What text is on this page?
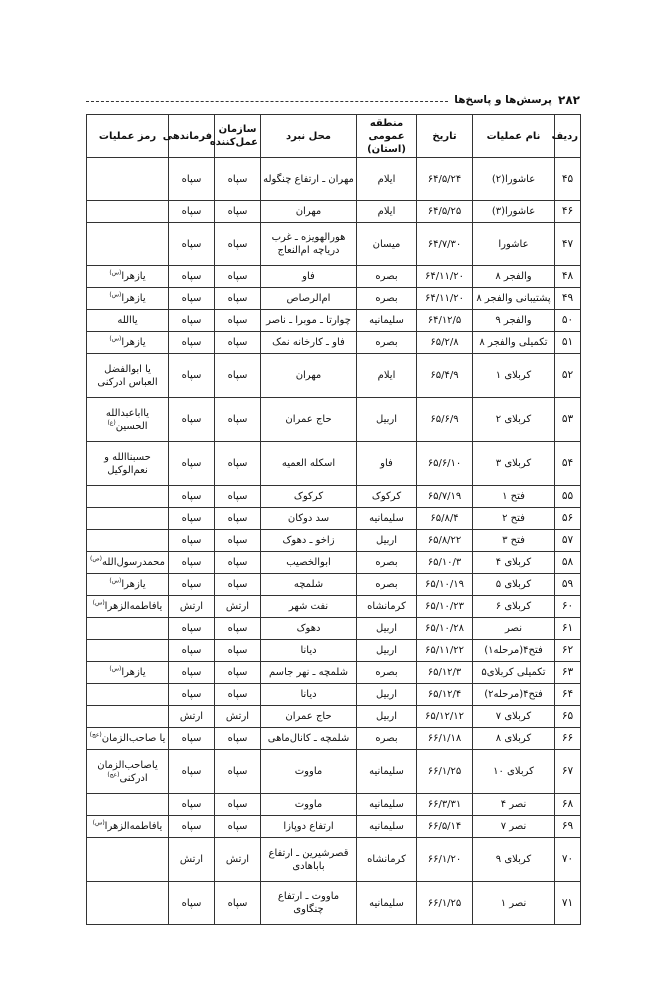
۲۸۲
پرسش‌ها و پاسخ‌ها
ردیف	نام عملیات	تاریخ	منطقه عمومی (استان)	محل نبرد	سازمان عمل‌کننده	فرماندهی	رمز عملیات
۴۵	عاشورا(۲)	۶۴/۵/۲۴	ایلام	مهران ـ ارتفاع چنگوله	سپاه	سپاه	
۴۶	عاشورا(۳)	۶۴/۵/۲۵	ایلام	مهران	سپاه	سپاه	
۴۷	عاشورا	۶۴/۷/۳۰	میسان	هورالهویزه ـ غرب دریاچه ام‌النعاج	سپاه	سپاه	
۴۸	والفجر ۸	۶۴/۱۱/۲۰	بصره	فاو	سپاه	سپاه	یازهرا$^{(س)}$
۴۹	پشتیبانی والفجر ۸	۶۴/۱۱/۲۰	بصره	ام‌الرصاص	سپاه	سپاه	یازهرا$^{(س)}$
۵۰	والفجر ۹	۶۴/۱۲/۵	سلیمانیه	چوارتا ـ موبرا ـ ناصر	سپاه	سپاه	یاالله
۵۱	تکمیلی والفجر ۸	۶۵/۲/۸	بصره	فاو ـ کارخانه نمک	سپاه	سپاه	یازهرا$^{(س)}$
۵۲	کربلای ۱	۶۵/۴/۹	ایلام	مهران	سپاه	سپاه	یا ابوالفضل العباس ادرکنی
۵۳	کربلای ۲	۶۵/۶/۹	اربیل	حاج عمران	سپاه	سپاه	یااباعبدالله الحسین$^{(ع)}$
۵۴	کربلای ۳	۶۵/۶/۱۰	فاو	اسکله العمیه	سپاه	سپاه	حسبناالله و نعم‌الوکیل
۵۵	فتح ۱	۶۵/۷/۱۹	کرکوک	کرکوک	سپاه	سپاه	
۵۶	فتح ۲	۶۵/۸/۴	سلیمانیه	سد دوکان	سپاه	سپاه	
۵۷	فتح ۳	۶۵/۸/۲۲	اربیل	زاخو ـ دهوک	سپاه	سپاه	
۵۸	کربلای ۴	۶۵/۱۰/۳	بصره	ابوالخصیب	سپاه	سپاه	محمدرسول‌الله$^{(ص)}$
۵۹	کربلای ۵	۶۵/۱۰/۱۹	بصره	شلمچه	سپاه	سپاه	یازهرا$^{(س)}$
۶۰	کربلای ۶	۶۵/۱۰/۲۳	کرمانشاه	نفت شهر	ارتش	ارتش	یافاطمه‌الزهرا$^{(س)}$
۶۱	نصر	۶۵/۱۰/۲۸	اربیل	دهوک	سپاه	سپاه	
۶۲	فتح۴(مرحله۱)	۶۵/۱۱/۲۲	اربیل	دیانا	سپاه	سپاه	
۶۳	تکمیلی کربلای۵	۶۵/۱۲/۳	بصره	شلمچه ـ نهر جاسم	سپاه	سپاه	یازهرا$^{(س)}$
۶۴	فتح۴(مرحله۲)	۶۵/۱۲/۴	اربیل	دیانا	سپاه	سپاه	
۶۵	کربلای ۷	۶۵/۱۲/۱۲	اربیل	حاج عمران	ارتش	ارتش	
۶۶	کربلای ۸	۶۶/۱/۱۸	بصره	شلمچه ـ کانال‌ماهی	سپاه	سپاه	یا صاحب‌الزمان$^{(عج)}$
۶۷	کربلای ۱۰	۶۶/۱/۲۵	سلیمانیه	ماووت	سپاه	سپاه	یاصاحب‌الزمان ادرکنی$^{(عج)}$
۶۸	نصر ۴	۶۶/۳/۳۱	سلیمانیه	ماووت	سپاه	سپاه	
۶۹	نصر ۷	۶۶/۵/۱۴	سلیمانیه	ارتفاع دوپازا	سپاه	سپاه	یافاطمه‌الزهرا$^{(س)}$
۷۰	کربلای ۹	۶۶/۱/۲۰	کرمانشاه	قصرشیرین ـ ارتفاع باباهادی	ارتش	ارتش	
۷۱	نصر ۱	۶۶/۱/۲۵	سلیمانیه	ماووت ـ ارتفاع چنگاوی	سپاه	سپاه	
